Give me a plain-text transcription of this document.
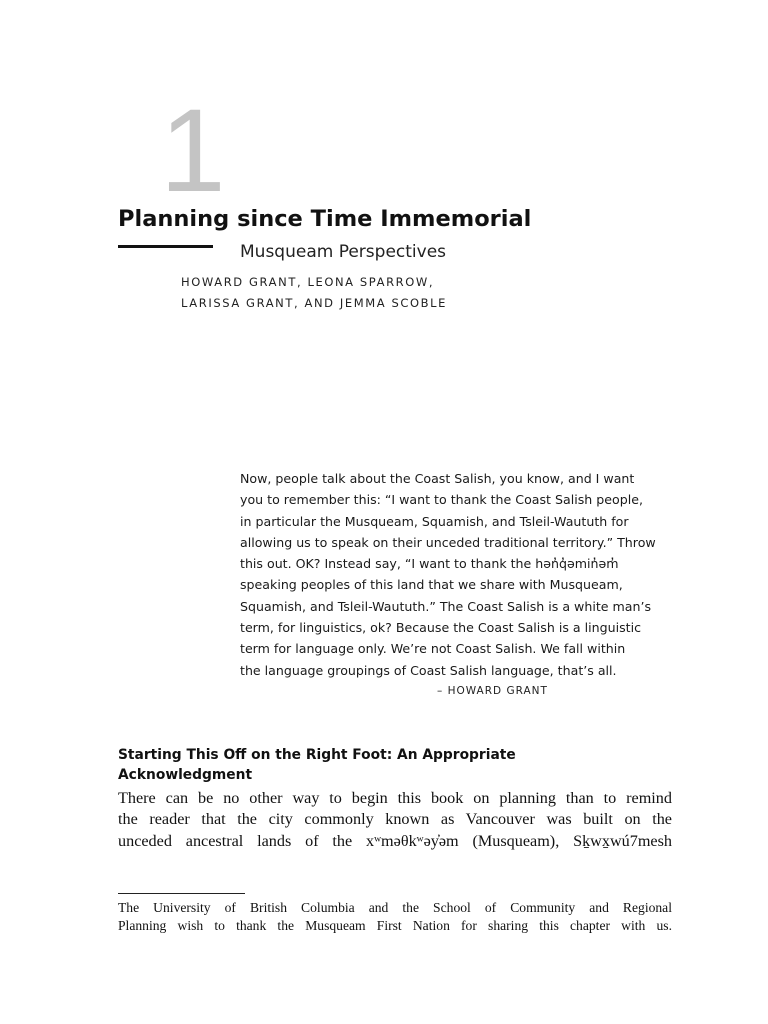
1
Planning since Time Immemorial
Musqueam Perspectives
HOWARD GRANT, LEONA SPARROW,
LARISSA GRANT, AND JEMMA SCOBLE
Now, people talk about the Coast Salish, you know, and I want
you to remember this: “I want to thank the Coast Salish people,
in particular the Musqueam, Squamish, and Tsleil-Waututh for
allowing us to speak on their unceded traditional territory.” Throw
this out. OK? Instead say, “I want to thank the hən̓q̓əmin̓əm̓
speaking peoples of this land that we share with Musqueam,
Squamish, and Tsleil-Waututh.” The Coast Salish is a white man’s
term, for linguistics, ok? Because the Coast Salish is a linguistic
term for language only. We’re not Coast Salish. We fall within
the language groupings of Coast Salish language, that’s all.
– HOWARD GRANT
Starting This Off on the Right Foot: An Appropriate
Acknowledgment
There can be no other way to begin this book on planning than to remind
the reader that the city commonly known as Vancouver was built on the
unceded ancestral lands of the xʷməθkʷəy̓əm (Musqueam), Sḵwx̱wú7mesh
The University of British Columbia and the School of Community and Regional
Planning wish to thank the Musqueam First Nation for sharing this chapter with us.
